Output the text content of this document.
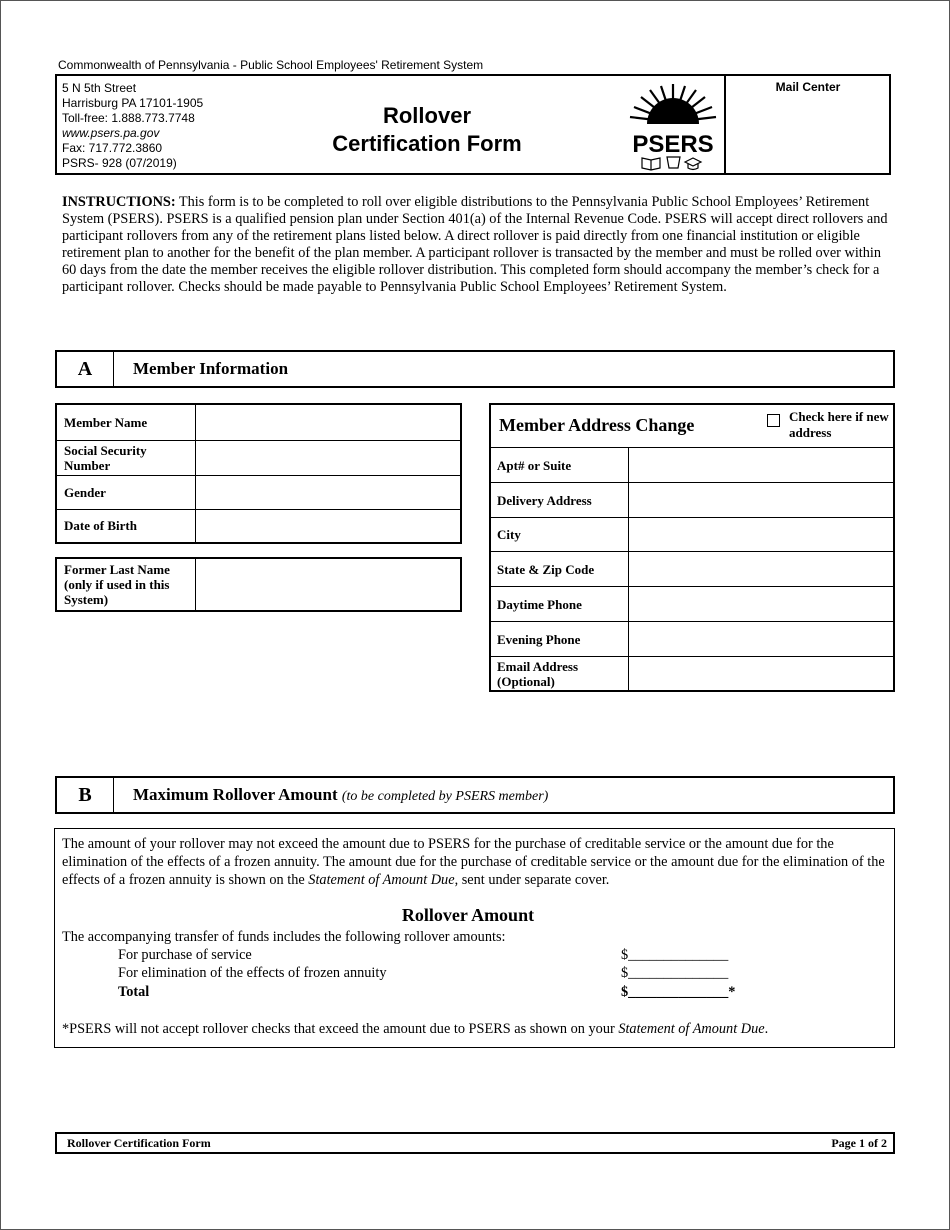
Commonwealth of Pennsylvania - Public School Employees' Retirement System
5 N 5th Street
Harrisburg PA 17101-1905
Toll-free: 1.888.773.7748
www.psers.pa.gov
Fax: 717.772.3860
PSRS- 928 (07/2019)
Rollover
Certification Form	PSERS
Mail Center
INSTRUCTIONS: This form is to be completed to roll over eligible distributions to the Pennsylvania Public School Employees’ Retirement System (PSERS). PSERS is a qualified pension plan under Section 401(a) of the Internal Revenue Code. PSERS will accept direct rollovers and participant rollovers from any of the retirement plans listed below. A direct rollover is paid directly from one financial institution or eligible retirement plan to another for the benefit of the plan member. A participant rollover is transacted by the member and must be rolled over within 60 days from the date the member receives the eligible rollover distribution. This completed form should accompany the member’s check for a participant rollover. Checks should be made payable to Pennsylvania Public School Employees’ Retirement System.
A	Member Information
Member Name	
Social Security Number	
Gender	
Date of Birth	
Former Last Name (only if used in this System)	
Member Address Change	Check here if new address
Apt# or Suite	
Delivery Address	
City	
State & Zip Code	
Daytime Phone	
Evening Phone	
Email Address (Optional)	
B	Maximum Rollover Amount (to be completed by PSERS member)
The amount of your rollover may not exceed the amount due to PSERS for the purchase of creditable service or the amount due for the elimination of the effects of a frozen annuity. The amount due for the purchase of creditable service or the amount due for the elimination of the effects of a frozen annuity is shown on the Statement of Amount Due, sent under separate cover.
Rollover Amount
The accompanying transfer of funds includes the following rollover amounts:
For purchase of service	$______________
For elimination of the effects of frozen annuity	$______________
Total	$______________*
*PSERS will not accept rollover checks that exceed the amount due to PSERS as shown on your Statement of Amount Due.
Rollover Certification Form	Page 1 of 2
